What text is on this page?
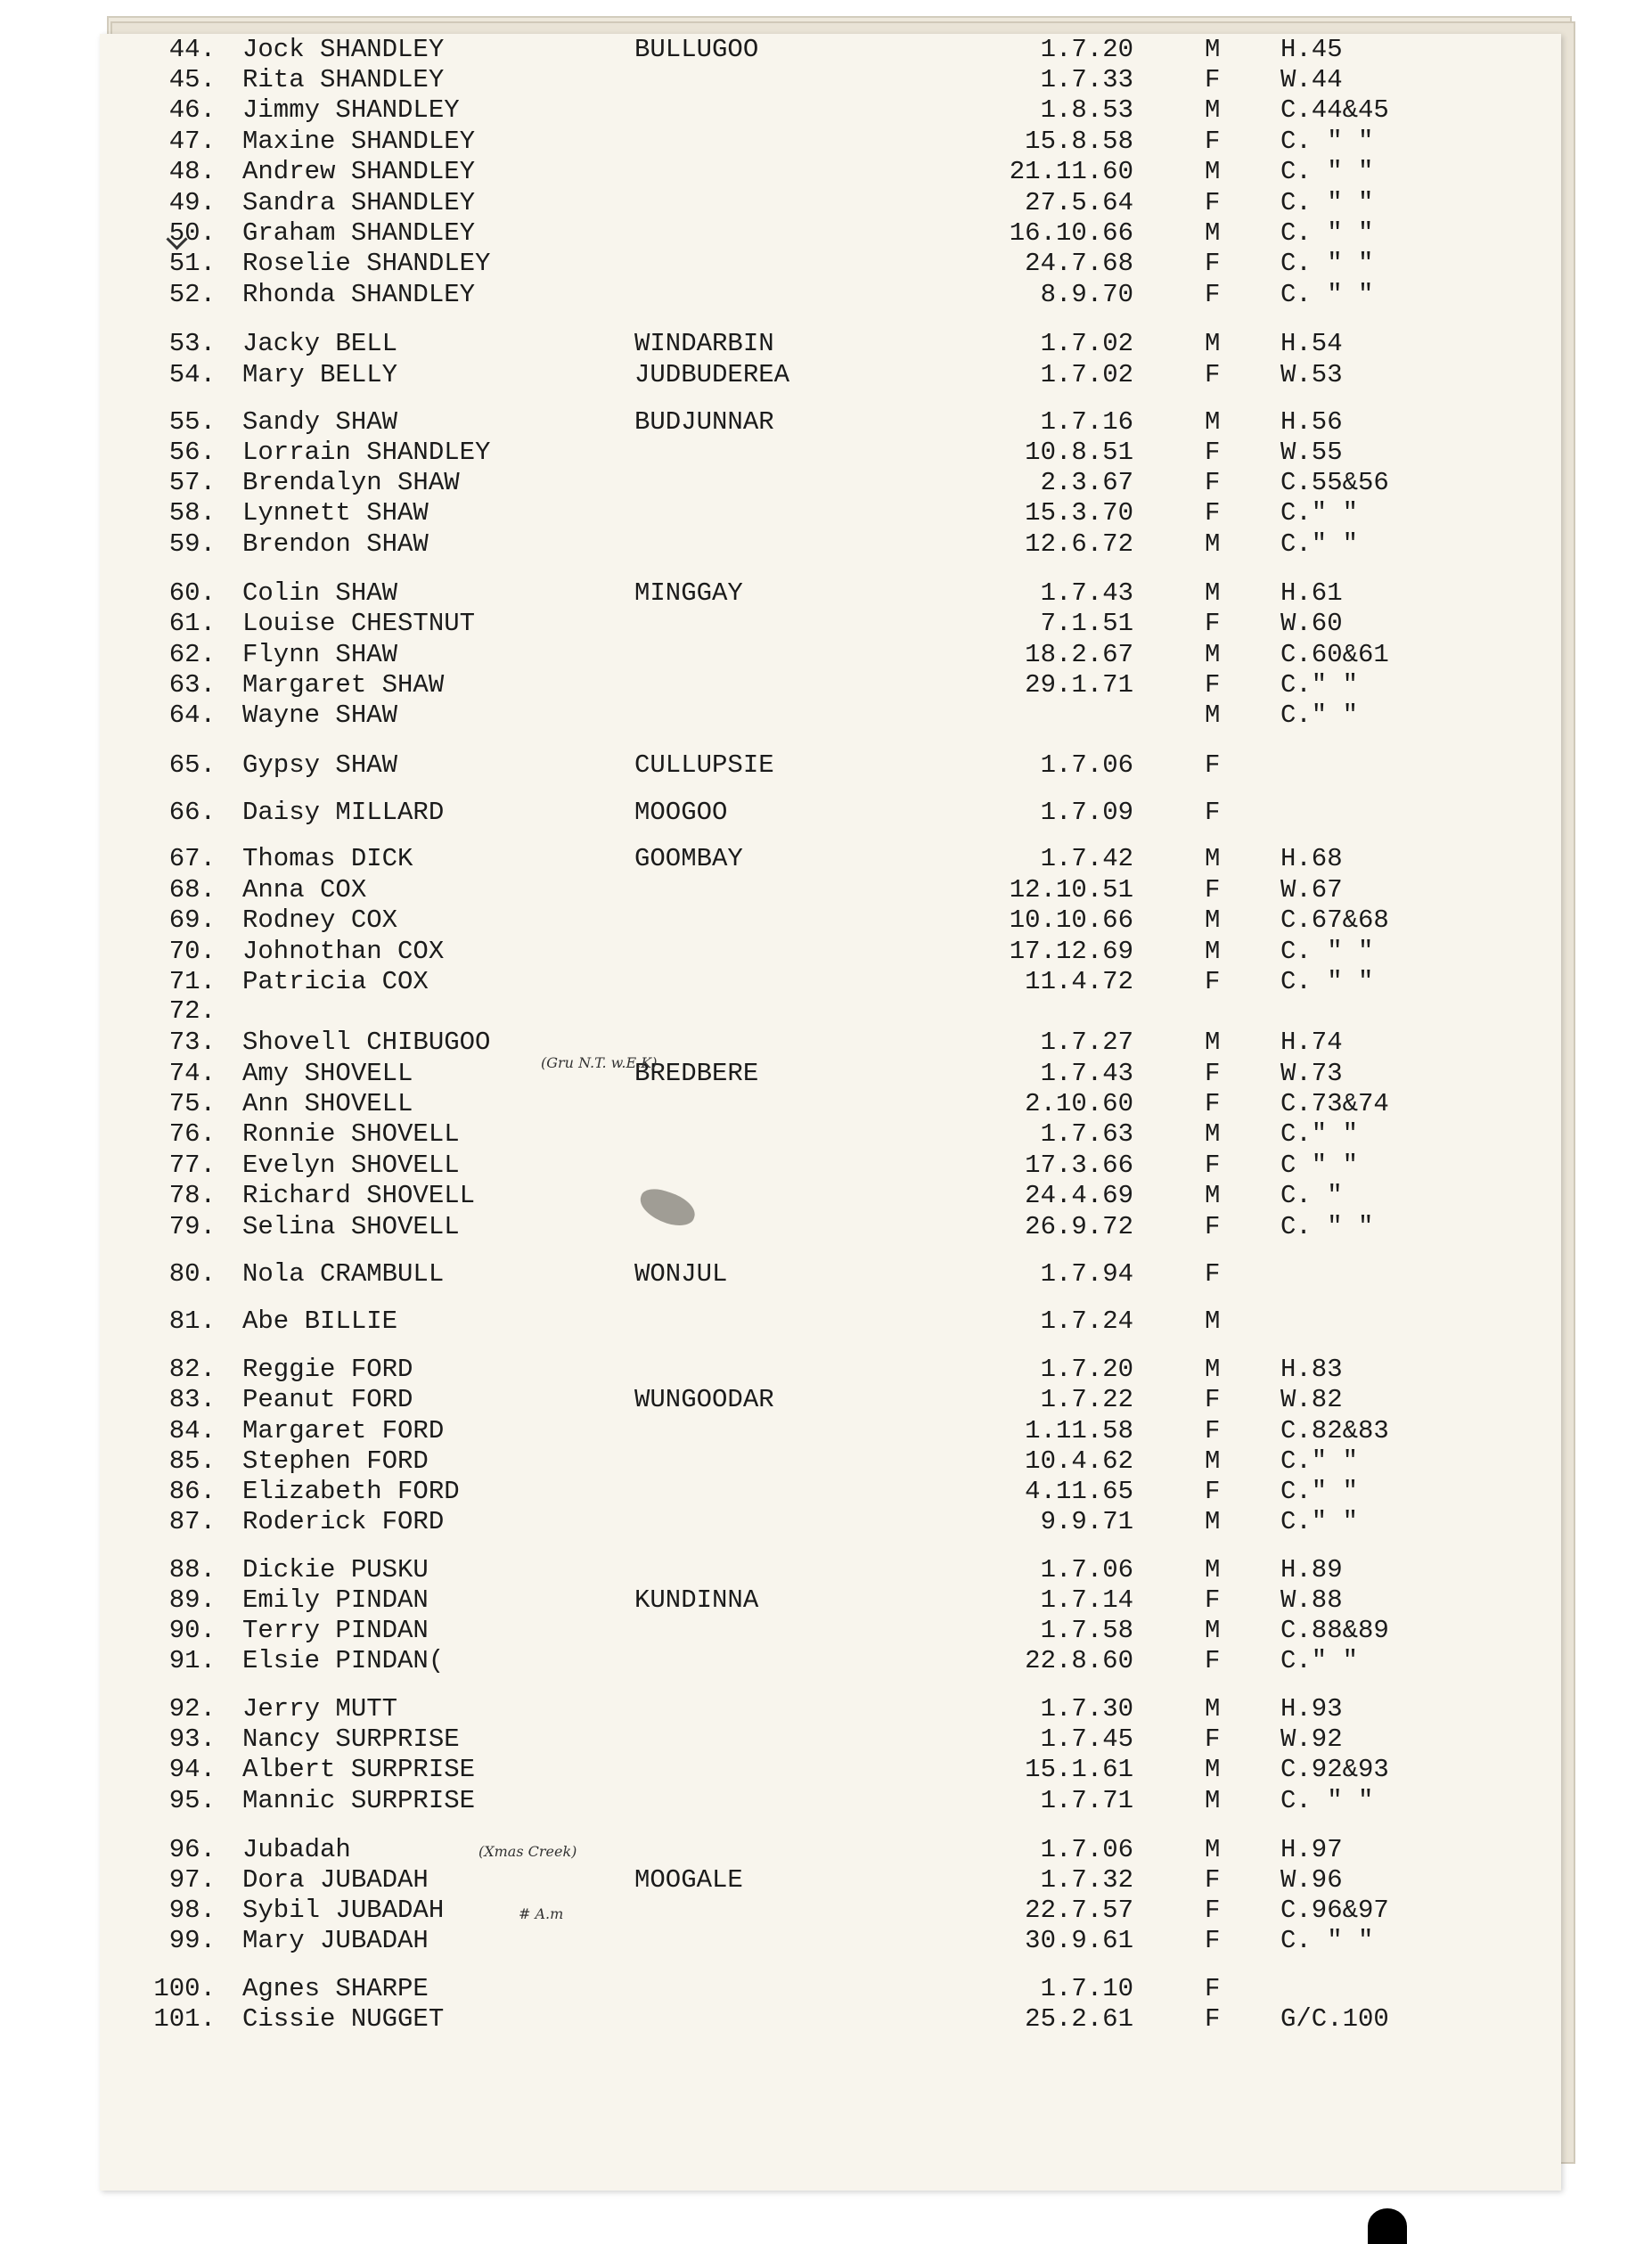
44. Jock SHANDLEY	BULLUGOO	1.7.20	M H.45
45. Rita SHANDLEY	1.7.33	F W.44
46. Jimmy SHANDLEY	1.8.53	M C.44&45
47. Maxine SHANDLEY	15.8.58	F C. " "
48. Andrew SHANDLEY	21.11.60	M C. " "
49. Sandra SHANDLEY	27.5.64	F C. " "
50. Graham SHANDLEY	16.10.66	M C. " "
51. Roselie SHANDLEY	24.7.68	F C. " "
52. Rhonda SHANDLEY	8.9.70	F C. " "
53. Jacky BELL	WINDARBIN	1.7.02	M H.54
54. Mary BELLY	JUDBUDEREA	1.7.02	F W.53
55. Sandy SHAW	BUDJUNNAR	1.7.16	M H.56
56. Lorrain SHANDLEY	10.8.51	F W.55
57. Brendalyn SHAW	2.3.67	F C.55&56
58. Lynnett SHAW	15.3.70	F C." "
59. Brendon SHAW	12.6.72	M C." "
60. Colin SHAW	MINGGAY	1.7.43	M H.61
61. Louise CHESTNUT	7.1.51	F W.60
62. Flynn SHAW	18.2.67	M C.60&61
63. Margaret SHAW	29.1.71	F C." "
64. Wayne SHAW	M C." "
65. Gypsy SHAW	CULLUPSIE	1.7.06	F
66. Daisy MILLARD	MOOGOO	1.7.09	F
67. Thomas DICK	GOOMBAY	1.7.42	M H.68
68. Anna COX	12.10.51	F W.67
69. Rodney COX	10.10.66	M C.67&68
70. Johnothan COX	17.12.69	M C. " "
71. Patricia COX	11.4.72	F C. " "
72.
73. Shovell CHIBUGOO	1.7.27	M H.74
74. Amy SHOVELL	BREDBERE	1.7.43	F W.73
75. Ann SHOVELL	2.10.60	F C.73&74
76. Ronnie SHOVELL	1.7.63	M C." "
77. Evelyn SHOVELL	17.3.66	F C " "
78. Richard SHOVELL	24.4.69	M C. "
79. Selina SHOVELL	26.9.72	F C. " "
80. Nola CRAMBULL	WONJUL	1.7.94	F
81. Abe BILLIE	1.7.24	M
82. Reggie FORD	1.7.20	M H.83
83. Peanut FORD	WUNGOODAR	1.7.22	F W.82
84. Margaret FORD	1.11.58	F C.82&83
85. Stephen FORD	10.4.62	M C." "
86. Elizabeth FORD	4.11.65	F C." "
87. Roderick FORD	9.9.71	M C." "
88. Dickie PUSKU	1.7.06	M H.89
89. Emily PINDAN	KUNDINNA	1.7.14	F W.88
90. Terry PINDAN	1.7.58	M C.88&89
91. Elsie PINDAN(	22.8.60	F C." "
92. Jerry MUTT	1.7.30	M H.93
93. Nancy SURPRISE	1.7.45	F W.92
94. Albert SURPRISE	15.1.61	M C.92&93
95. Mannic SURPRISE	1.7.71	M C. " "
96. Jubadah	1.7.06	M H.97
97. Dora JUBADAH	MOOGALE	1.7.32	F W.96
98. Sybil JUBADAH	22.7.57	F C.96&97
99. Mary JUBADAH	30.9.61	F C. " "
100. Agnes SHARPE	1.7.10	F
101. Cissie NUGGET	25.2.61	F G/C.100
(Gru N.T. w.E.K)
(Xmas Creek)
# A.m
